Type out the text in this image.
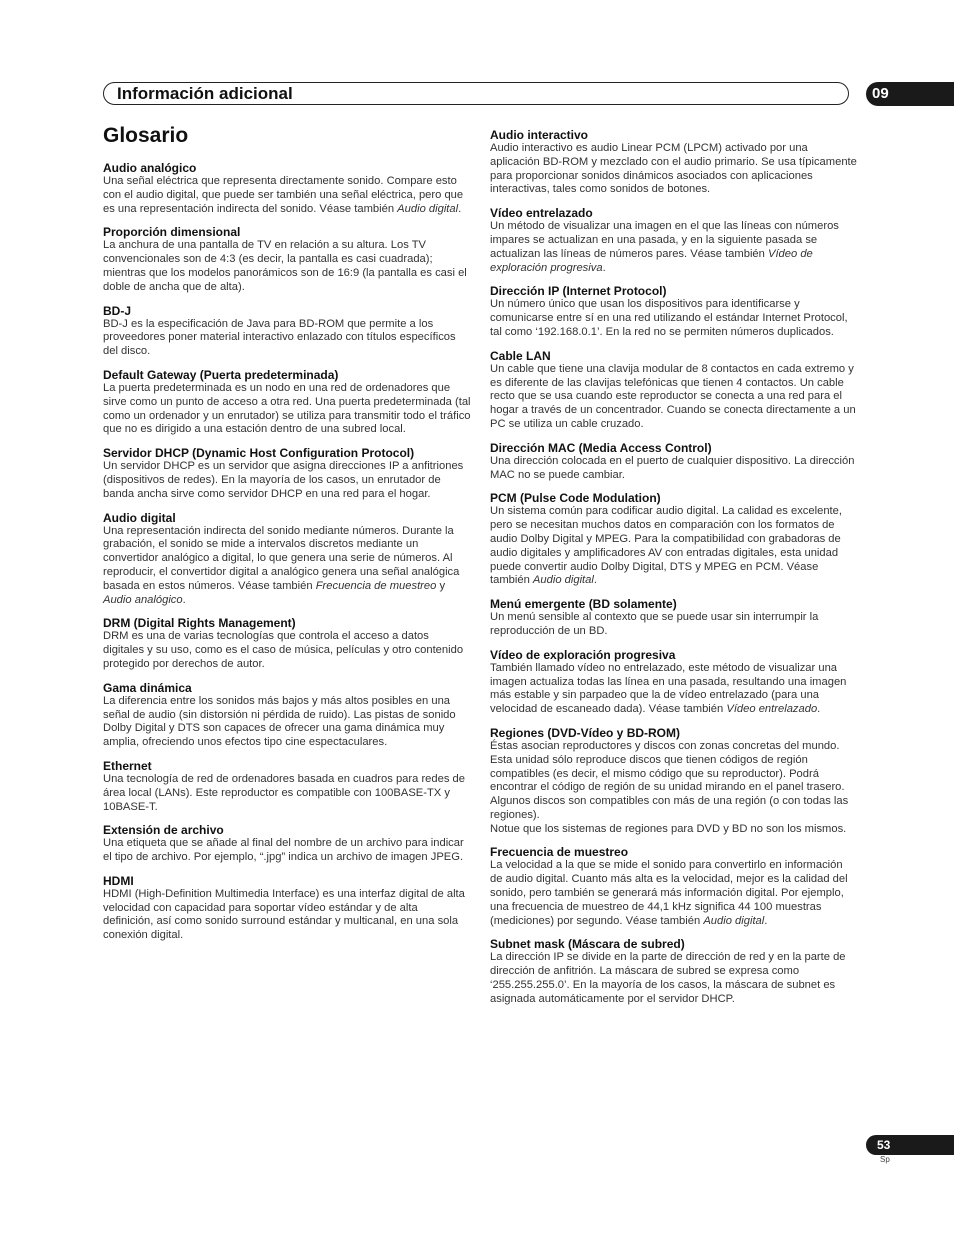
Información adicional	09
Glosario

Audio analógico

Una señal eléctrica que representa directamente sonido. Compare esto con el audio digital, que puede ser también una señal eléctrica, pero que es una representación indirecta del sonido. Véase también Audio digital.

Proporción dimensional

La anchura de una pantalla de TV en relación a su altura. Los TV convencionales son de 4:3 (es decir, la pantalla es casi cuadrada); mientras que los modelos panorámicos son de 16:9 (la pantalla es casi el doble de ancha que de alta).

BD-J

BD-J es la especificación de Java para BD-ROM que permite a los proveedores poner material interactivo enlazado con títulos específicos del disco.

Default Gateway (Puerta predeterminada)

La puerta predeterminada es un nodo en una red de ordenadores que sirve como un punto de acceso a otra red. Una puerta predeterminada (tal como un ordenador y un enrutador) se utiliza para transmitir todo el tráfico que no es dirigido a una estación dentro de una subred local.

Servidor DHCP (Dynamic Host Configuration Protocol)

Un servidor DHCP es un servidor que asigna direcciones IP a anfitriones (dispositivos de redes). En la mayoría de los casos, un enrutador de banda ancha sirve como servidor DHCP en una red para el hogar.

Audio digital

Una representación indirecta del sonido mediante números. Durante la grabación, el sonido se mide a intervalos discretos mediante un convertidor analógico a digital, lo que genera una serie de números. Al reproducir, el convertidor digital a analógico genera una señal analógica basada en estos números. Véase también Frecuencia de muestreo y Audio analógico.

DRM (Digital Rights Management)

DRM es una de varias tecnologías que controla el acceso a datos digitales y su uso, como es el caso de música, películas y otro contenido protegido por derechos de autor.

Gama dinámica

La diferencia entre los sonidos más bajos y más altos posibles en una señal de audio (sin distorsión ni pérdida de ruido). Las pistas de sonido Dolby Digital y DTS son capaces de ofrecer una gama dinámica muy amplia, ofreciendo unos efectos tipo cine espectaculares.

Ethernet

Una tecnología de red de ordenadores basada en cuadros para redes de área local (LANs). Este reproductor es compatible con 100BASE-TX y 10BASE-T.

Extensión de archivo

Una etiqueta que se añade al final del nombre de un archivo para indicar el tipo de archivo. Por ejemplo, “.jpg” indica un archivo de imagen JPEG.

HDMI

HDMI (High-Definition Multimedia Interface) es una interfaz digital de alta velocidad con capacidad para soportar vídeo estándar y de alta definición, así como sonido surround estándar y multicanal, en una sola conexión digital.

Audio interactivo

Audio interactivo es audio Linear PCM (LPCM) activado por una aplicación BD-ROM y mezclado con el audio primario. Se usa típicamente para proporcionar sonidos dinámicos asociados con aplicaciones interactivas, tales como sonidos de botones.

Vídeo entrelazado

Un método de visualizar una imagen en el que las líneas con números impares se actualizan en una pasada, y en la siguiente pasada se actualizan las líneas de números pares. Véase también Vídeo de exploración progresiva.

Dirección IP (Internet Protocol)

Un número único que usan los dispositivos para identificarse y comunicarse entre sí en una red utilizando el estándar Internet Protocol, tal como ‘192.168.0.1’. En la red no se permiten números duplicados.

Cable LAN

Un cable que tiene una clavija modular de 8 contactos en cada extremo y es diferente de las clavijas telefónicas que tienen 4 contactos. Un cable recto que se usa cuando este reproductor se conecta a una red para el hogar a través de un concentrador. Cuando se conecta directamente a un PC se utiliza un cable cruzado.

Dirección MAC (Media Access Control)

Una dirección colocada en el puerto de cualquier dispositivo. La dirección MAC no se puede cambiar.

PCM (Pulse Code Modulation)

Un sistema común para codificar audio digital. La calidad es excelente, pero se necesitan muchos datos en comparación con los formatos de audio Dolby Digital y MPEG. Para la compatibilidad con grabadoras de audio digitales y amplificadores AV con entradas digitales, esta unidad puede convertir audio Dolby Digital, DTS y MPEG en PCM. Véase también Audio digital.

Menú emergente (BD solamente)

Un menú sensible al contexto que se puede usar sin interrumpir la reproducción de un BD.

Vídeo de exploración progresiva

También llamado vídeo no entrelazado, este método de visualizar una imagen actualiza todas las línea en una pasada, resultando una imagen más estable y sin parpadeo que la de vídeo entrelazado (para una velocidad de escaneado dada). Véase también Vídeo entrelazado.

Regiones (DVD-Vídeo y BD-ROM)

Éstas asocian reproductores y discos con zonas concretas del mundo. Esta unidad sólo reproduce discos que tienen códigos de región compatibles (es decir, el mismo código que su reproductor). Podrá encontrar el código de región de su unidad mirando en el panel trasero. Algunos discos son compatibles con más de una región (o con todas las regiones).
Notue que los sistemas de regiones para DVD y BD no son los mismos.

Frecuencia de muestreo

La velocidad a la que se mide el sonido para convertirlo en información de audio digital. Cuanto más alta es la velocidad, mejor es la calidad del sonido, pero también se generará más información digital. Por ejemplo, una frecuencia de muestreo de 44,1 kHz significa 44 100 muestras (mediciones) por segundo. Véase también Audio digital.

Subnet mask (Máscara de subred)

La dirección IP se divide en la parte de dirección de red y en la parte de dirección de anfitrión. La máscara de subred se expresa como ‘255.255.255.0’. En la mayoría de los casos, la máscara de subnet es asignada automáticamente por el servidor DHCP.

53
Sp
